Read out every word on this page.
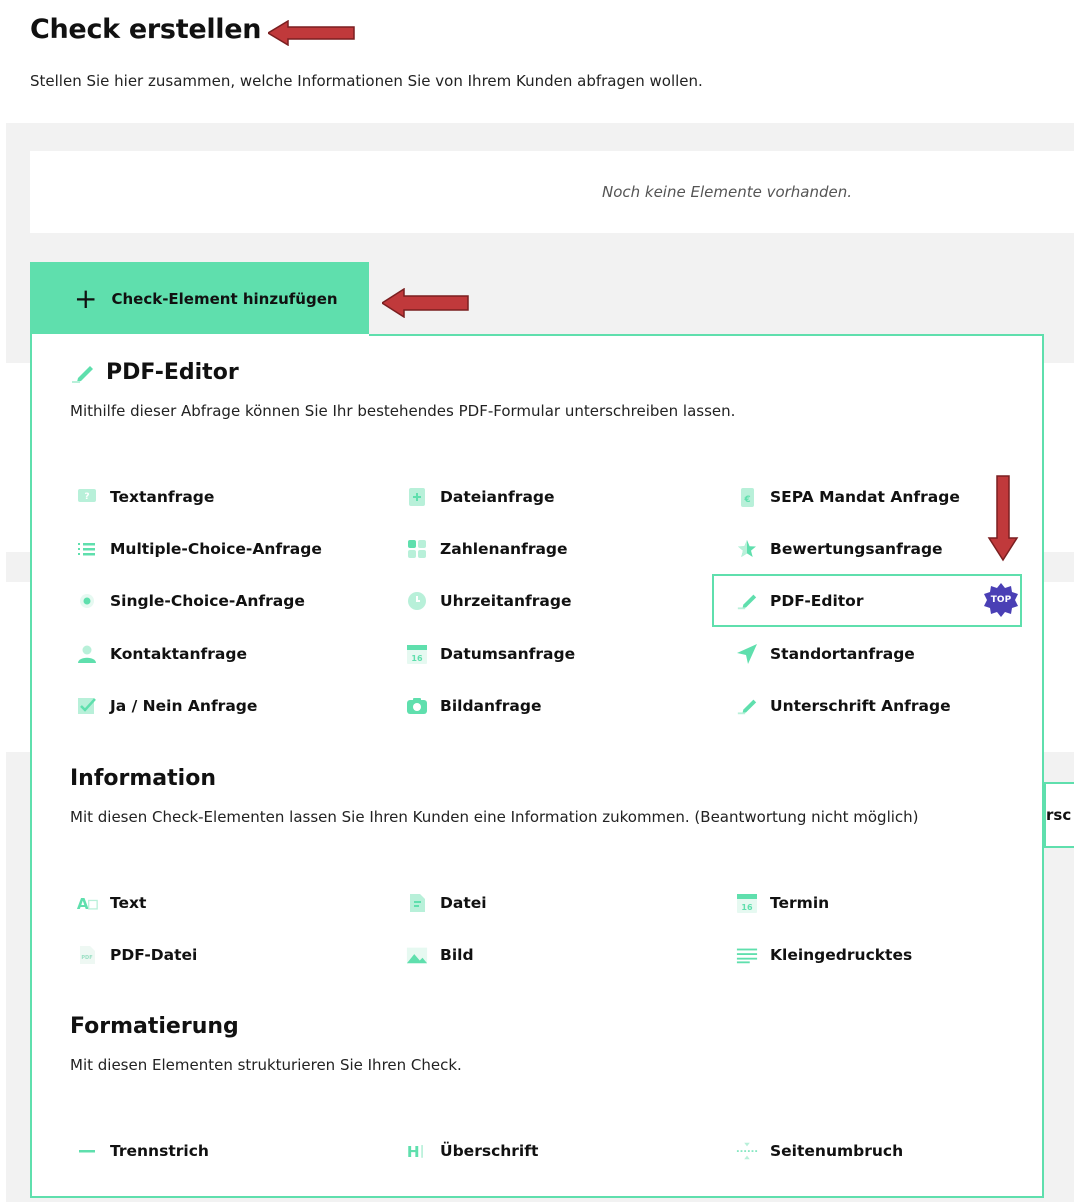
Check erstellen
Stellen Sie hier zusammen, welche Informationen Sie von Ihrem Kunden abfragen wollen.
Noch keine Elemente vorhanden.
+ Check-Element hinzufügen
rsc
PDF-Editor
Mithilfe dieser Abfrage können Sie Ihr bestehendes PDF-Formular unterschreiben lassen.
? Textanfrage	Dateianfrage	€ SEPA Mandat Anfrage
Multiple-Choice-Anfrage	Zahlenanfrage	Bewertungsanfrage
Single-Choice-Anfrage	Uhrzeitanfrage	PDF-Editor	TOP
Kontaktanfrage	16 Datumsanfrage	Standortanfrage
Ja / Nein Anfrage	Bildanfrage	Unterschrift Anfrage
Information
Mit diesen Check-Elementen lassen Sie Ihren Kunden eine Information zukommen. (Beantwortung nicht möglich)
A Text	Datei	16 Termin
PDF PDF-Datei	Bild	Kleingedrucktes
Formatierung
Mit diesen Elementen strukturieren Sie Ihren Check.
Trennstrich	H Überschrift	Seitenumbruch
